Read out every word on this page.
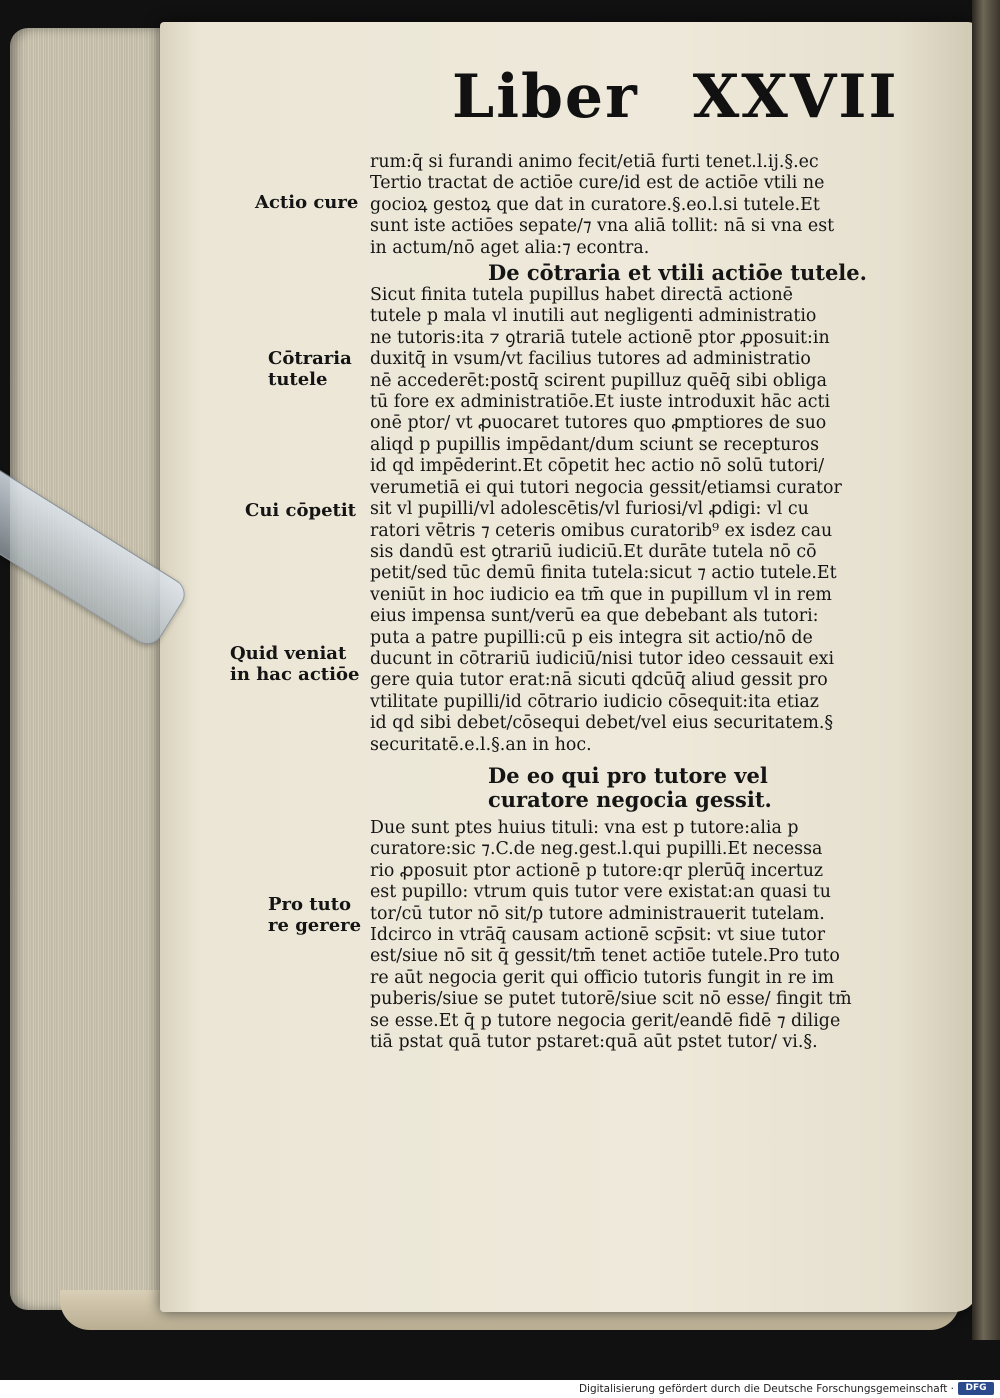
Liber XXVII
Actio cure
Cōtraria tutele
Cui cōpetit
Quid veniat in hac actiōe
Pro tuto re gerere
rum:q̄ si furandi animo fecit/etiā furti tenet.l.ij.§.ec
Tertio tractat de actiōe cure/id est de actiōe vtili ne
gocioꝝ gestoꝝ que dat in curatore.§.eo.l.si tutele.Et
sunt iste actiōes sepate/⁊ vna aliā tollit: nā si vna est
in actum/nō aget alia:⁊ econtra.
De cōtraria et vtili actiōe tutele.
Sicut finita tutela pupillus habet directā actionē
tutele p mala vl inutili aut negligenti administratio
ne tutoris:ita ⁊ ꝯtrariā tutele actionē ptor ꝓposuit:in
duxitq̄ in vsum/vt facilius tutores ad administratio
nē accederēt:postq̄ scirent pupilluz quēq̄ sibi obliga
tū fore ex administratiōe.Et iuste introduxit hāc acti
onē ptor/ vt ꝓuocaret tutores quo ꝓmptiores de suo
aliqd p pupillis impēdant/dum sciunt se recepturos
id qd impēderint.Et cōpetit hec actio nō solū tutori/
verumetiā ei qui tutori negocia gessit/etiamsi curator
sit vl pupilli/vl adolescētis/vl furiosi/vl ꝓdigi: vl cu
ratori vētris ⁊ ceteris omibus curatorib⁹ ex isdez cau
sis dandū est ꝯtrariū iudiciū.Et durāte tutela nō cō
petit/sed tūc demū finita tutela:sicut ⁊ actio tutele.Et
veniūt in hoc iudicio ea tm̄ que in pupillum vl in rem
eius impensa sunt/verū ea que debebant als tutori:
puta a patre pupilli:cū p eis integra sit actio/nō de
ducunt in cōtrariū iudiciū/nisi tutor ideo cessauit exi
gere quia tutor erat:nā sicuti qdcūq̄ aliud gessit pro
vtilitate pupilli/id cōtrario iudicio cōsequit:ita etiaz
id qd sibi debet/cōsequi debet/vel eius securitatem.§
securitatē.e.l.§.an in hoc.
De eo qui pro tutore vel
curatore negocia gessit.
Due sunt ptes huius tituli: vna est p tutore:alia p
curatore:sic ⁊.C.de neg.gest.l.qui pupilli.Et necessa
rio ꝓposuit ptor actionē p tutore:qr plerūq̄ incertuz
est pupillo: vtrum quis tutor vere existat:an quasi tu
tor/cū tutor nō sit/p tutore administrauerit tutelam.
Idcirco in vtrāq̄ causam actionē scp̄sit: vt siue tutor
est/siue nō sit q̄ gessit/tm̄ tenet actiōe tutele.Pro tuto
re aūt negocia gerit qui officio tutoris fungit in re im
puberis/siue se putet tutorē/siue scit nō esse/ fingit tm̄
se esse.Et q̄ p tutore negocia gerit/eandē fidē ⁊ dilige
tiā pstat quā tutor pstaret:quā aūt pstet tutor/ vi.§.
Digitalisierung gefördert durch die Deutsche Forschungsgemeinschaft ·	DFG
